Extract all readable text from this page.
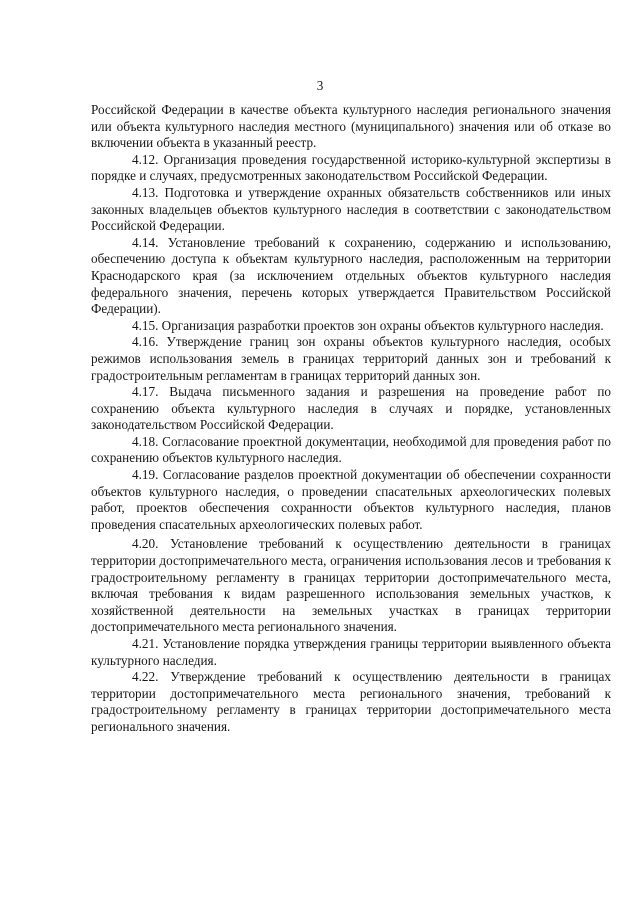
3

Российской Федерации в качестве объекта культурного наследия регионального значения или объекта культурного наследия местного (муниципального) значения или об отказе во включении объекта в указанный реестр.

4.12. Организация проведения государственной историко-культурной экспертизы в порядке и случаях, предусмотренных законодательством Российской Федерации.

4.13. Подготовка и утверждение охранных обязательств собственников или иных законных владельцев объектов культурного наследия в соответствии с законодательством Российской Федерации.

4.14. Установление требований к сохранению, содержанию и использованию, обеспечению доступа к объектам культурного наследия, расположенным на территории Краснодарского края (за исключением отдельных объектов культурного наследия федерального значения, перечень которых утверждается Правительством Российской Федерации).

4.15. Организация разработки проектов зон охраны объектов культурного наследия.

4.16. Утверждение границ зон охраны объектов культурного наследия, особых режимов использования земель в границах территорий данных зон и требований к градостроительным регламентам в границах территорий данных зон.

4.17. Выдача письменного задания и разрешения на проведение работ по сохранению объекта культурного наследия в случаях и порядке, установленных законодательством Российской Федерации.

4.18. Согласование проектной документации, необходимой для проведения работ по сохранению объектов культурного наследия.

4.19. Согласование разделов проектной документации об обеспечении сохранности объектов культурного наследия, о проведении спасательных археологических полевых работ, проектов обеспечения сохранности объектов культурного наследия, планов проведения спасательных археологических полевых работ.

4.20. Установление требований к осуществлению деятельности в границах территории достопримечательного места, ограничения использования лесов и требования к градостроительному регламенту в границах территории достопримечательного места, включая требования к видам разрешенного использования земельных участков, к хозяйственной деятельности на земельных участках в границах территории достопримечательного места регионального значения.

4.21. Установление порядка утверждения границы территории выявленного объекта культурного наследия.

4.22. Утверждение требований к осуществлению деятельности в границах территории достопримечательного места регионального значения, требований к градостроительному регламенту в границах территории достопримечательного места регионального значения.
